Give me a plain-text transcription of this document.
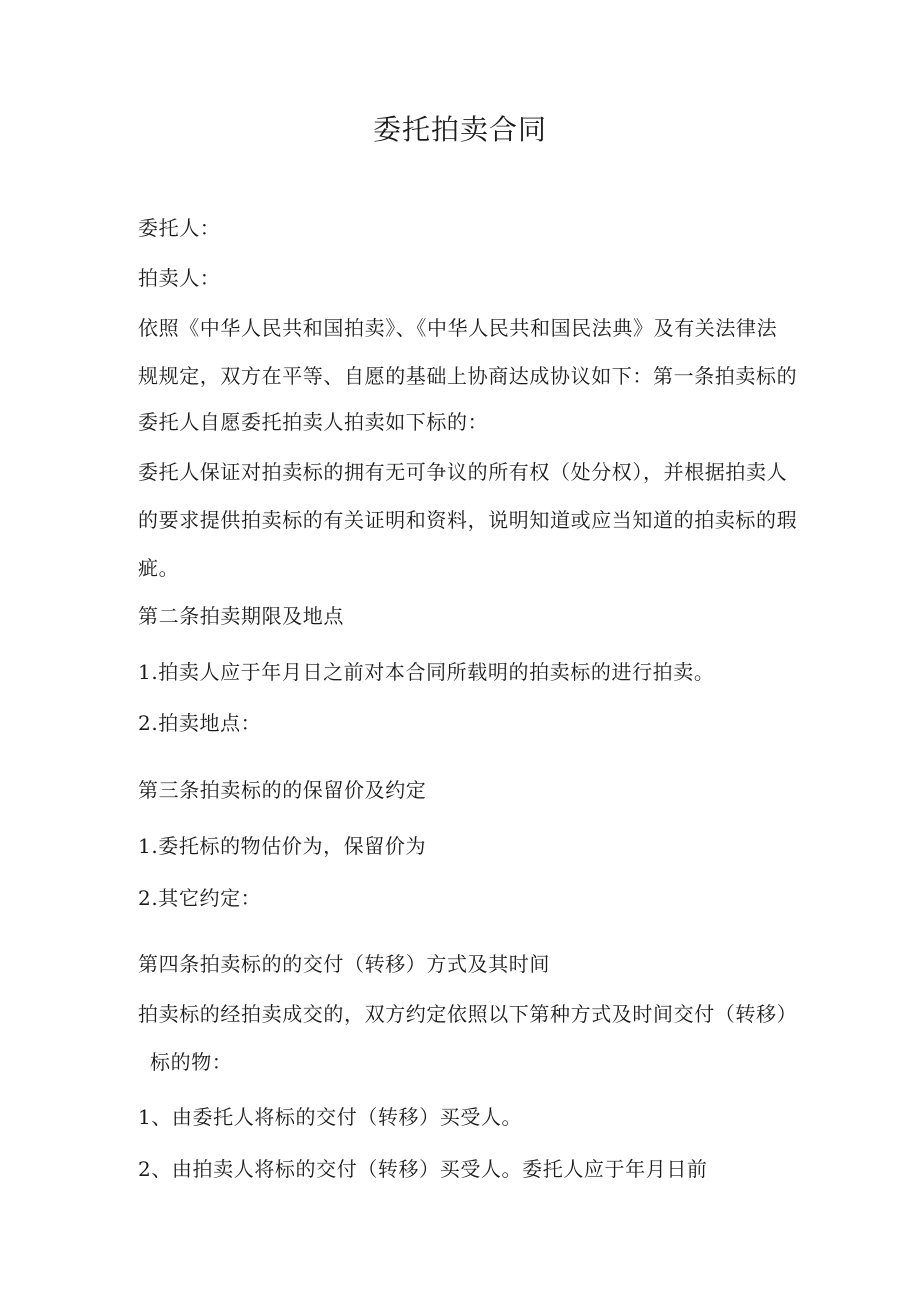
委托拍卖合同
委托人：
拍卖人：
依照《中华人民共和国拍卖》、《中华人民共和国民法典》及有关法律法
规规定，双方在平等、自愿的基础上协商达成协议如下：第一条拍卖标的
委托人自愿委托拍卖人拍卖如下标的：
委托人保证对拍卖标的拥有无可争议的所有权（处分权），并根据拍卖人
的要求提供拍卖标的有关证明和资料，说明知道或应当知道的拍卖标的瑕
疵。
第二条拍卖期限及地点
1.拍卖人应于年月日之前对本合同所载明的拍卖标的进行拍卖。
2.拍卖地点：
第三条拍卖标的的保留价及约定
1.委托标的物估价为，保留价为
2.其它约定：
第四条拍卖标的的交付（转移）方式及其时间
拍卖标的经拍卖成交的，双方约定依照以下第种方式及时间交付（转移）
标的物：
1、由委托人将标的交付（转移）买受人。
2、由拍卖人将标的交付（转移）买受人。委托人应于年月日前
